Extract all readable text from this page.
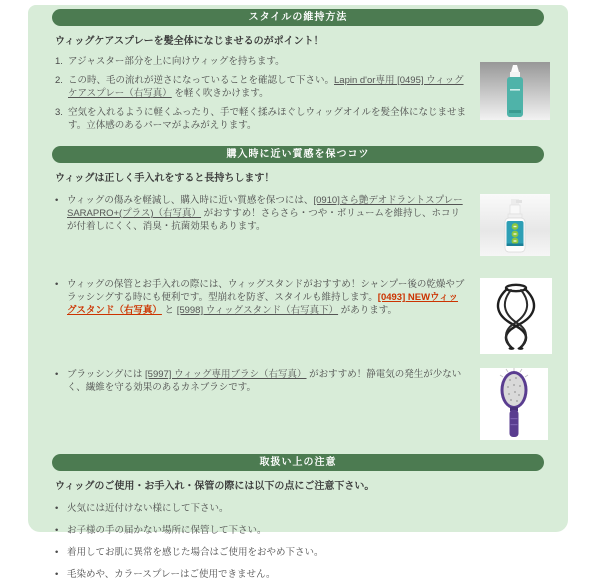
スタイルの維持方法

ウィッグケアスプレーを髪全体になじませるのがポイント！

1. アジャスター部分を上に向けウィッグを持ちます。
2. この時、毛の流れが逆さになっていることを確認して下さい。Lapin d'or専用 [0495] ウィッグケアスプレー（右写真） を軽く吹きかけます。
3. 空気を入れるように軽くふったり、手で軽く揉みほぐしウィッグオイルを髪全体になじませます。立体感のあるパーマがよみがえります。
購入時に近い質感を保つコツ

ウィッグは正しく手入れをすると長持ちします！

• ウィッグの傷みを軽減し、購入時に近い質感を保つには、[0910]さら艶デオドラントスプレー SARAPRO+(プラス)（右写真） がおすすめ！さらさら・つや・ボリュームを維持し、ホコリが付着しにくく、消臭・抗菌効果もあります。
• ウィッグの保管とお手入れの際には、ウィッグスタンドがおすすめ！シャンプー後の乾燥やブラッシングする時にも便利です。型崩れを防ぎ、スタイルも維持します。[0493] NEWウィッグスタンド（右写真） と [5998] ウィッグスタンド（右写真下） があります。
• ブラッシングには [5997] ウィッグ専用ブラシ（右写真） がおすすめ！静電気の発生が少ないく、繊維を守る効果のあるカネブラシです。
取扱い上の注意

ウィッグのご使用・お手入れ・保管の際には以下の点にご注意下さい。

• 火気には近付けない様にして下さい。
• お子様の手の届かない場所に保管して下さい。
• 着用してお肌に異常を感じた場合はご使用をおやめ下さい。
• 毛染めや、カラースプレーはご使用できません。
